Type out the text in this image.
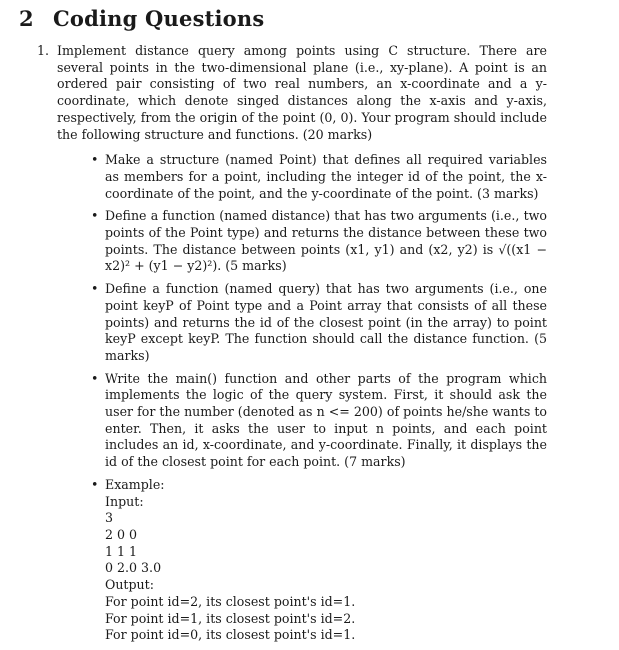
2 Coding Questions
1. Implement distance query among points using C structure. There are several points in the two-dimensional plane (i.e., xy-plane). A point is an ordered pair consisting of two real numbers, an x-coordinate and a y-coordinate, which denote singed distances along the x-axis and y-axis, respectively, from the origin of the point (0, 0). Your program should include the following structure and functions. (20 marks)
• Make a structure (named Point) that defines all required variables as members for a point, including the integer id of the point, the x-coordinate of the point, and the y-coordinate of the point. (3 marks)
• Define a function (named distance) that has two arguments (i.e., two points of the Point type) and returns the distance between these two points. The distance between points (x1, y1) and (x2, y2) is √((x1 − x2)² + (y1 − y2)²). (5 marks)
• Define a function (named query) that has two arguments (i.e., one point keyP of Point type and a Point array that consists of all these points) and returns the id of the closest point (in the array) to point keyP except keyP. The function should call the distance function. (5 marks)
• Write the main() function and other parts of the program which implements the logic of the query system. First, it should ask the user for the number (denoted as n <= 200) of points he/she wants to enter. Then, it asks the user to input n points, and each point includes an id, x-coordinate, and y-coordinate. Finally, it displays the id of the closest point for each point. (7 marks)
• Example:
Input:
3
2 0 0
1 1 1
0 2.0 3.0
Output:
For point id=2, its closest point's id=1.
For point id=1, its closest point's id=2.
For point id=0, its closest point's id=1.
